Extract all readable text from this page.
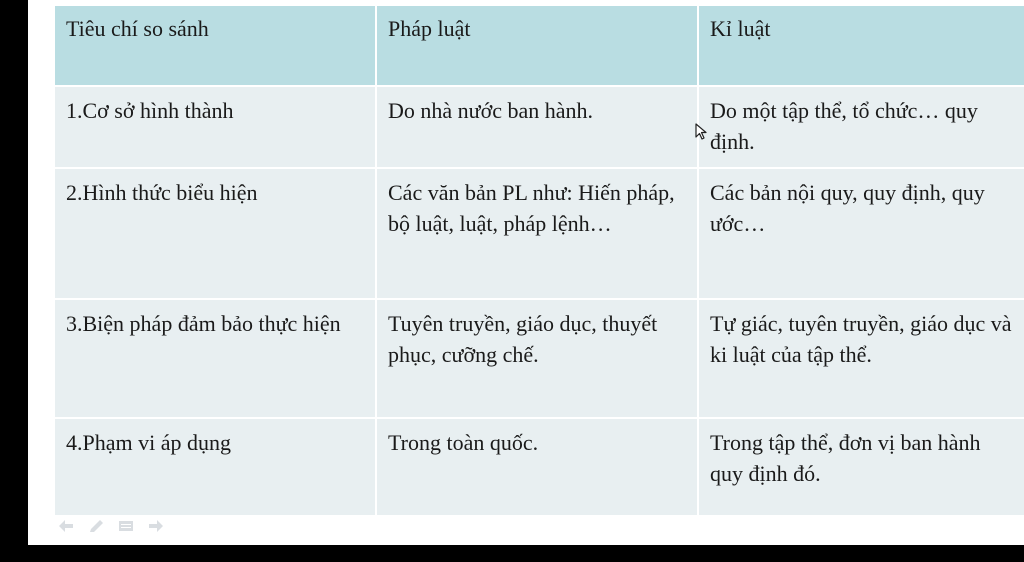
Tiêu chí so sánh	Pháp luật	Kỉ luật
1.Cơ sở hình thành	Do nhà nước ban hành.	Do một tập thể, tổ chức… quy định.
2.Hình thức biểu hiện	Các văn bản PL như: Hiến pháp, bộ luật, luật, pháp lệnh…	Các bản nội quy, quy định, quy ước…
3.Biện pháp đảm bảo thực hiện	Tuyên truyền, giáo dục, thuyết phục, cưỡng chế.	Tự giác, tuyên truyền, giáo dục và ki luật của tập thể.
4.Phạm vi áp dụng	Trong toàn quốc.	Trong tập thể, đơn vị ban hành quy định đó.
